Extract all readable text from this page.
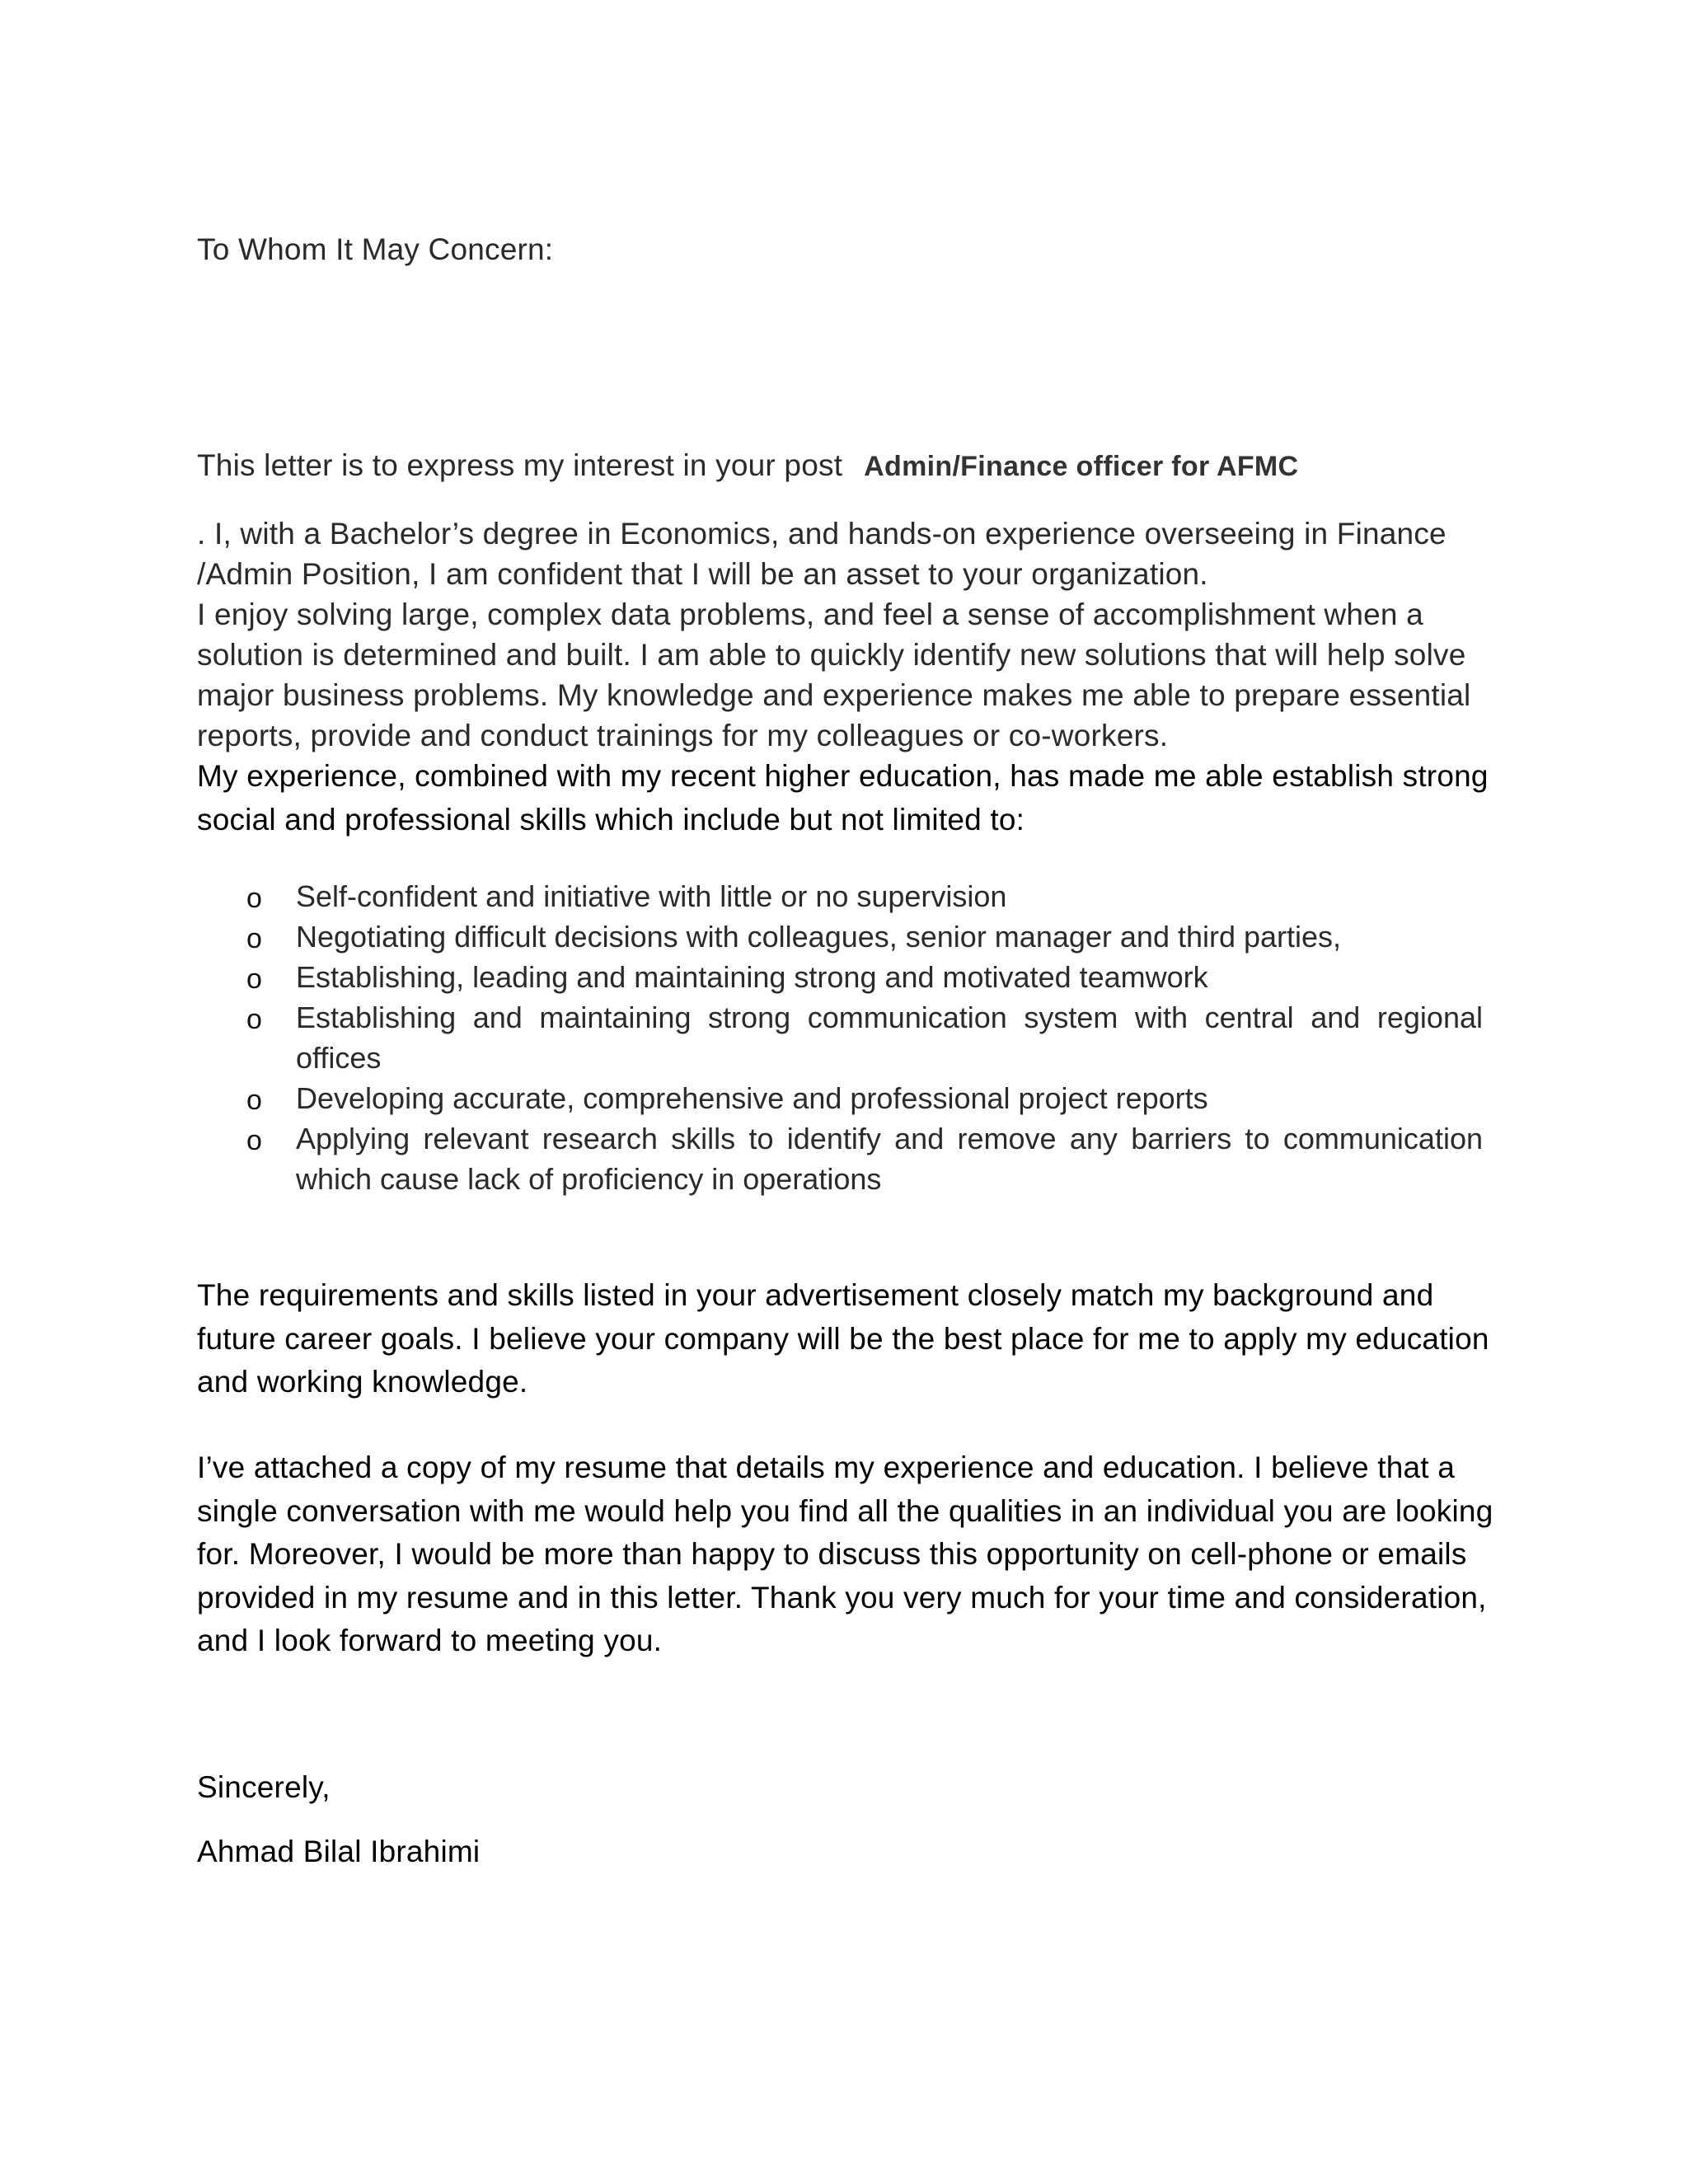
To Whom It May Concern:
This letter is to express my interest in your post Admin/Finance officer for AFMC
. I, with a Bachelor’s degree in Economics, and hands-on experience overseeing in Finance
/Admin Position, I am confident that I will be an asset to your organization.
I enjoy solving large, complex data problems, and feel a sense of accomplishment when a
solution is determined and built. I am able to quickly identify new solutions that will help solve
major business problems. My knowledge and experience makes me able to prepare essential
reports, provide and conduct trainings for my colleagues or co-workers.
My experience, combined with my recent higher education, has made me able establish strong
social and professional skills which include but not limited to:
o Self-confident and initiative with little or no supervision
o Negotiating difficult decisions with colleagues, senior manager and third parties,
o Establishing, leading and maintaining strong and motivated teamwork
o Establishing and maintaining strong communication system with central and regional
offices
o Developing accurate, comprehensive and professional project reports
o Applying relevant research skills to identify and remove any barriers to communication
which cause lack of proficiency in operations
The requirements and skills listed in your advertisement closely match my background and
future career goals. I believe your company will be the best place for me to apply my education
and working knowledge.
I’ve attached a copy of my resume that details my experience and education. I believe that a
single conversation with me would help you find all the qualities in an individual you are looking
for. Moreover, I would be more than happy to discuss this opportunity on cell-phone or emails
provided in my resume and in this letter. Thank you very much for your time and consideration,
and I look forward to meeting you.
Sincerely,
Ahmad Bilal Ibrahimi
